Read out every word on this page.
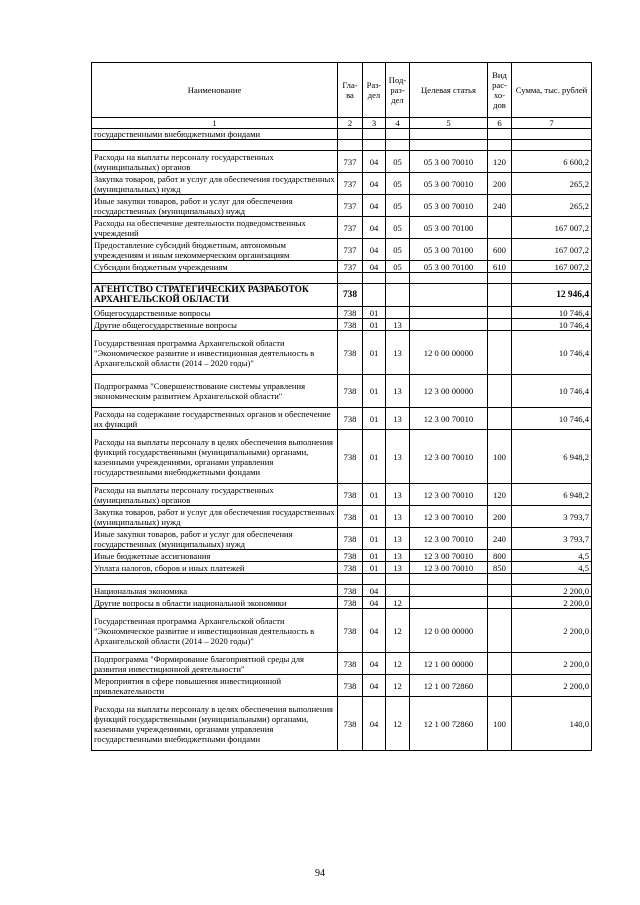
Наименование	Гла-ва	Раз-дел	Под-раз-дел	Целевая статья	Вид рас-хо-дов	Сумма, тыс. рублей
1	2	3	4	5	6	7
государственными внебюджетными фондами						

Расходы на выплаты персоналу государственных (муниципальных) органов	737	04	05	05 3 00 70010	120	6 600,2
Закупка товаров, работ и услуг для обеспечения государственных (муниципальных) нужд	737	04	05	05 3 00 70010	200	265,2
Иные закупки товаров, работ и услуг для обеспечения государственных (муниципальных) нужд	737	04	05	05 3 00 70010	240	265,2
Расходы на обеспечение деятельности подведомственных учреждений	737	04	05	05 3 00 70100		167 007,2
Предоставление субсидий бюджетным, автономным учреждениям и иным некоммерческим организациям	737	04	05	05 3 00 70100	600	167 007,2
Субсидии бюджетным учреждениям	737	04	05	05 3 00 70100	610	167 007,2

АГЕНТСТВО СТРАТЕГИЧЕСКИХ РАЗРАБОТОК АРХАНГЕЛЬСКОЙ ОБЛАСТИ	738					12 946,4
Общегосударственные вопросы	738	01				10 746,4
Другие общегосударственные вопросы	738	01	13			10 746,4
Государственная программа Архангельской области "Экономическое развитие и инвестиционная деятельность в Архангельской области (2014 – 2020 годы)"	738	01	13	12 0 00 00000		10 746,4
Подпрограмма "Совершенствование системы управления экономическим развитием Архангельской области"	738	01	13	12 3 00 00000		10 746,4
Расходы на содержание государственных органов и обеспечение их функций	738	01	13	12 3 00 70010		10 746,4
Расходы на выплаты персоналу в целях обеспечения выполнения функций государственными (муниципальными) органами, казенными учреждениями, органами управления государственными внебюджетными фондами	738	01	13	12 3 00 70010	100	6 948,2
Расходы на выплаты персоналу государственных (муниципальных) органов	738	01	13	12 3 00 70010	120	6 948,2
Закупка товаров, работ и услуг для обеспечения государственных (муниципальных) нужд	738	01	13	12 3 00 70010	200	3 793,7
Иные закупки товаров, работ и услуг для обеспечения государственных (муниципальных) нужд	738	01	13	12 3 00 70010	240	3 793,7
Иные бюджетные ассигнования	738	01	13	12 3 00 70010	800	4,5
Уплата налогов, сборов и иных платежей	738	01	13	12 3 00 70010	850	4,5

Национальная экономика	738	04				2 200,0
Другие вопросы в области национальной экономики	738	04	12			2 200,0
Государственная программа Архангельской области "Экономическое развитие и инвестиционная деятельность в Архангельской области (2014 – 2020 годы)"	738	04	12	12 0 00 00000		2 200,0
Подпрограмма "Формирование благоприятной среды для развития инвестиционной деятельности"	738	04	12	12 1 00 00000		2 200,0
Мероприятия в сфере повышения инвестиционной привлекательности	738	04	12	12 1 00 72860		2 200,0
Расходы на выплаты персоналу в целях обеспечения выполнения функций государственными (муниципальными) органами, казенными учреждениями, органами управления государственными внебюджетными фондами	738	04	12	12 1 00 72860	100	140,0
94
